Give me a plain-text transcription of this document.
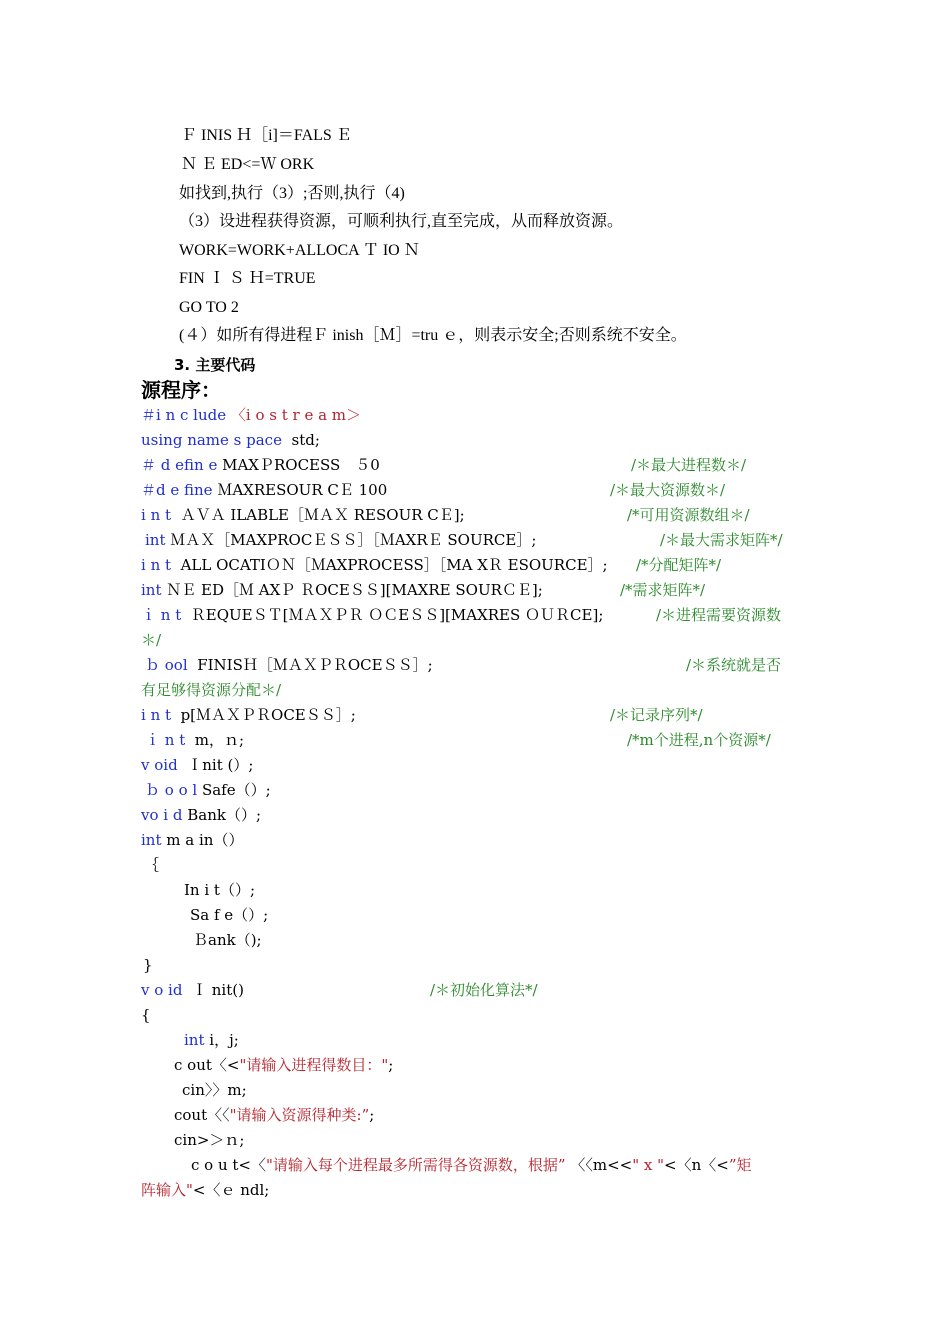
Ｆ INIS Ｈ［i]＝FALS Ｅ
Ｎ Ｅ ED<=Ｗ ORK
如找到,执行（3）;否则,执行（4)
（3）设进程获得资源，可顺利执行,直至完成，从而释放资源。
WORK=WORK+ALLOCA Ｔ IO Ｎ
FIN Ｉ Ｓ Ｈ=TRUE
GO TO 2
(４）如所有得进程Ｆ inish［Ｍ］=tru ｅ，则表示安全;否则系统不安全。
3. 主要代码
源程序：
＃i n c lude 〈i o s t r e a m＞
using name s pace std;
＃ d efin e MAXＰROCESS　５0	/＊最大进程数＊/
＃d e fine ＭAXRESOUR CＥ 100	/＊最大资源数＊/
i n t ＡＶＡ ILABLE［ＭＡＸ RESOUR CＥ];	/*可用资源数组＊/
int ＭＡＸ［MAXPROCＥＳＳ］［ＭAXRＥ SOURCE］;	/＊最大需求矩阵*/
i n t ALL OCATIＯＮ［ＭAXPROCESS］［MA XＲ ESOURCE］; /*分配矩阵*/
int ＮＥ ED［Ｍ AXＰ ＲOCEＳＳ][MAXRE SOURＣＥ];	/*需求矩阵*/
ｉ n t ＲEQUEＳＴ[ＭＡＸＰＲ ＯＣEＳＳ][MAXRES ＯＵＲCE];	/＊进程需要资源数
＊/
ｂ ool FINISＨ［ＭＡＸＰＲOCEＳＳ］;	/＊系统就是否
有足够得资源分配＊/
i n t p[ＭＡＸＰＲOCEＳＳ］;	/＊记录序列*/
ｉ n t m，ｎ;	/*m个进程,n个资源*/
v oid Ｉnit (）;
ｂ o o l Safe（）;
vo i d Bank（）;
int m a in（）
｛
In i t（）;
Sa f e（）;
Ｂank（);
}
v o id Ｉ nit()	/＊初始化算法*/
{
int i，j;
c out〈<"请输入进程得数目：";
cin〉〉m;
cout〈〈"请输入资源得种类:”;
cin>＞ｎ;
c o u t<〈"请输入每个进程最多所需得各资源数，根据” 〈〈m<<" x "<〈n〈<”矩
阵输入"<〈ｅ ndl;
